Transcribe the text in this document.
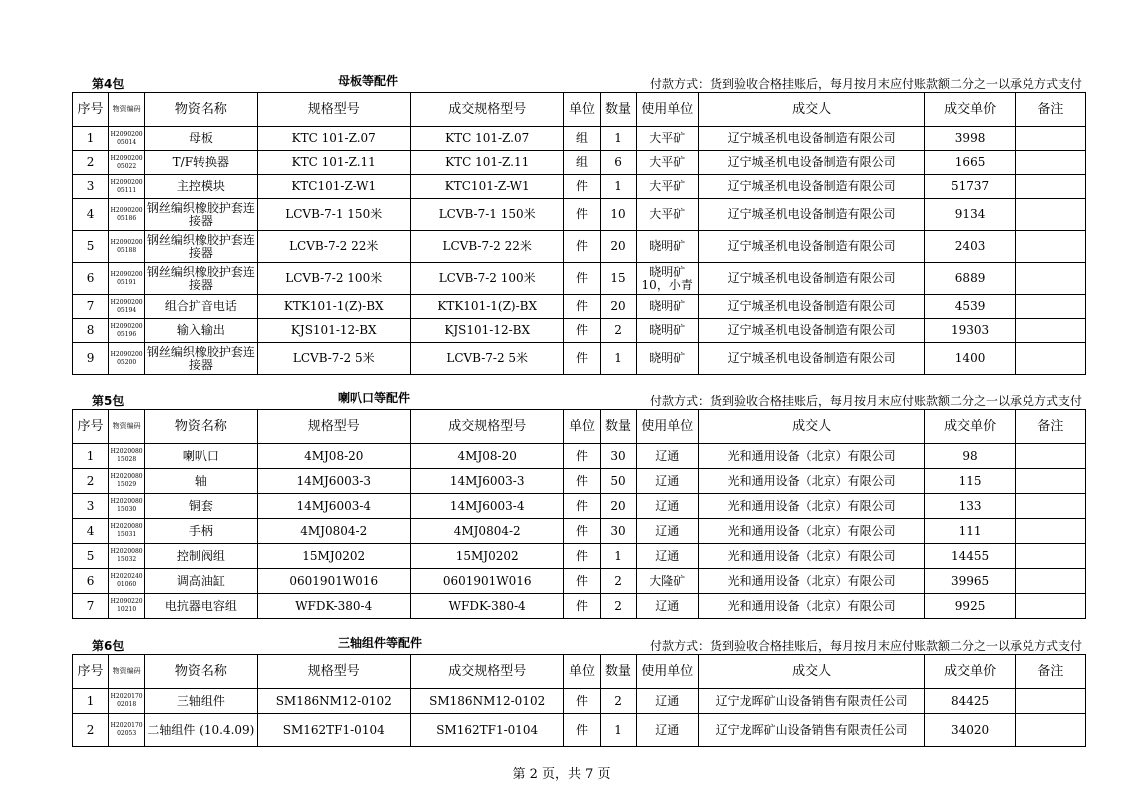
第4包	母板等配件	付款方式：货到验收合格挂账后，每月按月末应付账款额二分之一以承兑方式支付
序号	物资编码	物资名称	规格型号	成交规格型号	单位	数量	使用单位	成交人	成交单价	备注
1	H2090200 05014	母板	KTC 101-Z.07	KTC 101-Z.07	组	1	大平矿	辽宁城圣机电设备制造有限公司	3998	
2	H2090200 05022	T/F转换器	KTC 101-Z.11	KTC 101-Z.11	组	6	大平矿	辽宁城圣机电设备制造有限公司	1665	
3	H2090200 05111	主控模块	KTC101-Z-W1	KTC101-Z-W1	件	1	大平矿	辽宁城圣机电设备制造有限公司	51737	
4	H2090200 05186	钢丝编织橡胶护套连接器	LCVB-7-1 150米	LCVB-7-1 150米	件	10	大平矿	辽宁城圣机电设备制造有限公司	9134	
5	H2090200 05188	钢丝编织橡胶护套连接器	LCVB-7-2 22米	LCVB-7-2 22米	件	20	晓明矿	辽宁城圣机电设备制造有限公司	2403	
6	H2090200 05191	钢丝编织橡胶护套连接器	LCVB-7-2 100米	LCVB-7-2 100米	件	15	晓明矿 10，小青	辽宁城圣机电设备制造有限公司	6889	
7	H2090200 05194	组合扩音电话	KTK101-1(Z)-BX	KTK101-1(Z)-BX	件	20	晓明矿	辽宁城圣机电设备制造有限公司	4539	
8	H2090200 05196	输入输出	KJS101-12-BX	KJS101-12-BX	件	2	晓明矿	辽宁城圣机电设备制造有限公司	19303	
9	H2090200 05200	钢丝编织橡胶护套连接器	LCVB-7-2 5米	LCVB-7-2 5米	件	1	晓明矿	辽宁城圣机电设备制造有限公司	1400	
第5包	喇叭口等配件	付款方式：货到验收合格挂账后，每月按月末应付账款额二分之一以承兑方式支付
序号	物资编码	物资名称	规格型号	成交规格型号	单位	数量	使用单位	成交人	成交单价	备注
1	H2020080 15028	喇叭口	4MJ08-20	4MJ08-20	件	30	辽通	光和通用设备（北京）有限公司	98	
2	H2020080 15029	轴	14MJ6003-3	14MJ6003-3	件	50	辽通	光和通用设备（北京）有限公司	115	
3	H2020080 15030	铜套	14MJ6003-4	14MJ6003-4	件	20	辽通	光和通用设备（北京）有限公司	133	
4	H2020080 15031	手柄	4MJ0804-2	4MJ0804-2	件	30	辽通	光和通用设备（北京）有限公司	111	
5	H2020080 15032	控制阀组	15MJ0202	15MJ0202	件	1	辽通	光和通用设备（北京）有限公司	14455	
6	H2020240 01060	调高油缸	0601901W016	0601901W016	件	2	大隆矿	光和通用设备（北京）有限公司	39965	
7	H2090220 10210	电抗器电容组	WFDK-380-4	WFDK-380-4	件	2	辽通	光和通用设备（北京）有限公司	9925	
第6包	三轴组件等配件	付款方式：货到验收合格挂账后，每月按月末应付账款额二分之一以承兑方式支付
序号	物资编码	物资名称	规格型号	成交规格型号	单位	数量	使用单位	成交人	成交单价	备注
1	H2020170 02018	三轴组件	SM186NM12-0102	SM186NM12-0102	件	2	辽通	辽宁龙晖矿山设备销售有限责任公司	84425	
2	H2020170 02053	二轴组件 (10.4.09)	SM162TF1-0104	SM162TF1-0104	件	1	辽通	辽宁龙晖矿山设备销售有限责任公司	34020	
第 2 页，共 7 页
